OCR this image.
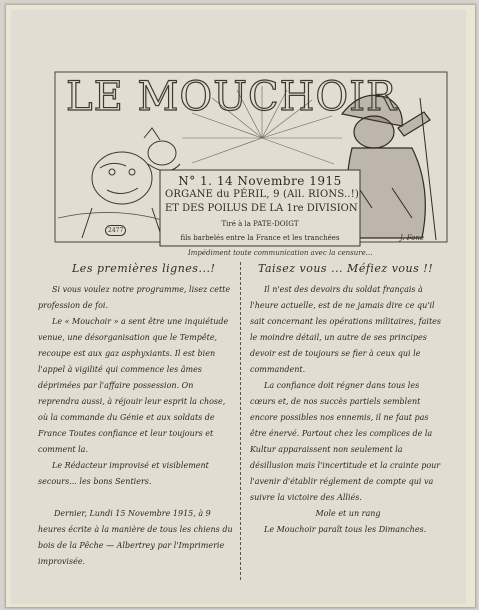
LE MOUCHOIR
N° 1. 14 Novembre 1915
ORGANE du PÉRIL, 9 (All. RIONS..!)
ET DES POILUS DE LA 1re DIVISION
Tiré à la PATE-DOIGT
fils barbelés entre la France et les tranchées
2477
J. Fone
Impédiment toute communication avec la censure...
Les premières lignes...!	Taisez vous ... Méfiez vous !!

Si vous voulez notre programme, lisez cette profession de foi.

Le « Mouchoir » a sent être une inquiétude venue, une désorganisation que le Tempête, recoupe est aux gaz asphyxiants. Il est bien l'appel à vigilité qui commence les âmes déprimées par l'affaire possession. On reprendra aussi, à réjouir leur esprit la chose, où la commande du Génie et aux soldats de France Toutes confiance et leur toujours et comment la.

Le Rédacteur improvisé et visiblement secours... les bons Sentiers.

Dernier, Lundi 15 Novembre 1915, à 9 heures écrite à la manière de tous les chiens du bois de la Pêche — Albertrey par l'Imprimerie improvisée.

Il n'est des devoirs du soldat français à l'heure actuelle, est de ne jamais dire ce qu'il sait concernant les opérations militaires, faites le moindre détail, un autre de ses principes devoir est de toujours se fier à ceux qui le commandent.

La confiance doit régner dans tous les cœurs et, de nos succès partiels semblent encore possibles nos ennemis, il ne faut pas être énervé. Partout chez les complices de la Kultur apparaissent non seulement la désillusion mais l'incertitude et la crainte pour l'avenir d'établir réglement de compte qui va suivre la victoire des Alliés.

Mole et un rang

Le Mouchoir paraît tous les Dimanches.
